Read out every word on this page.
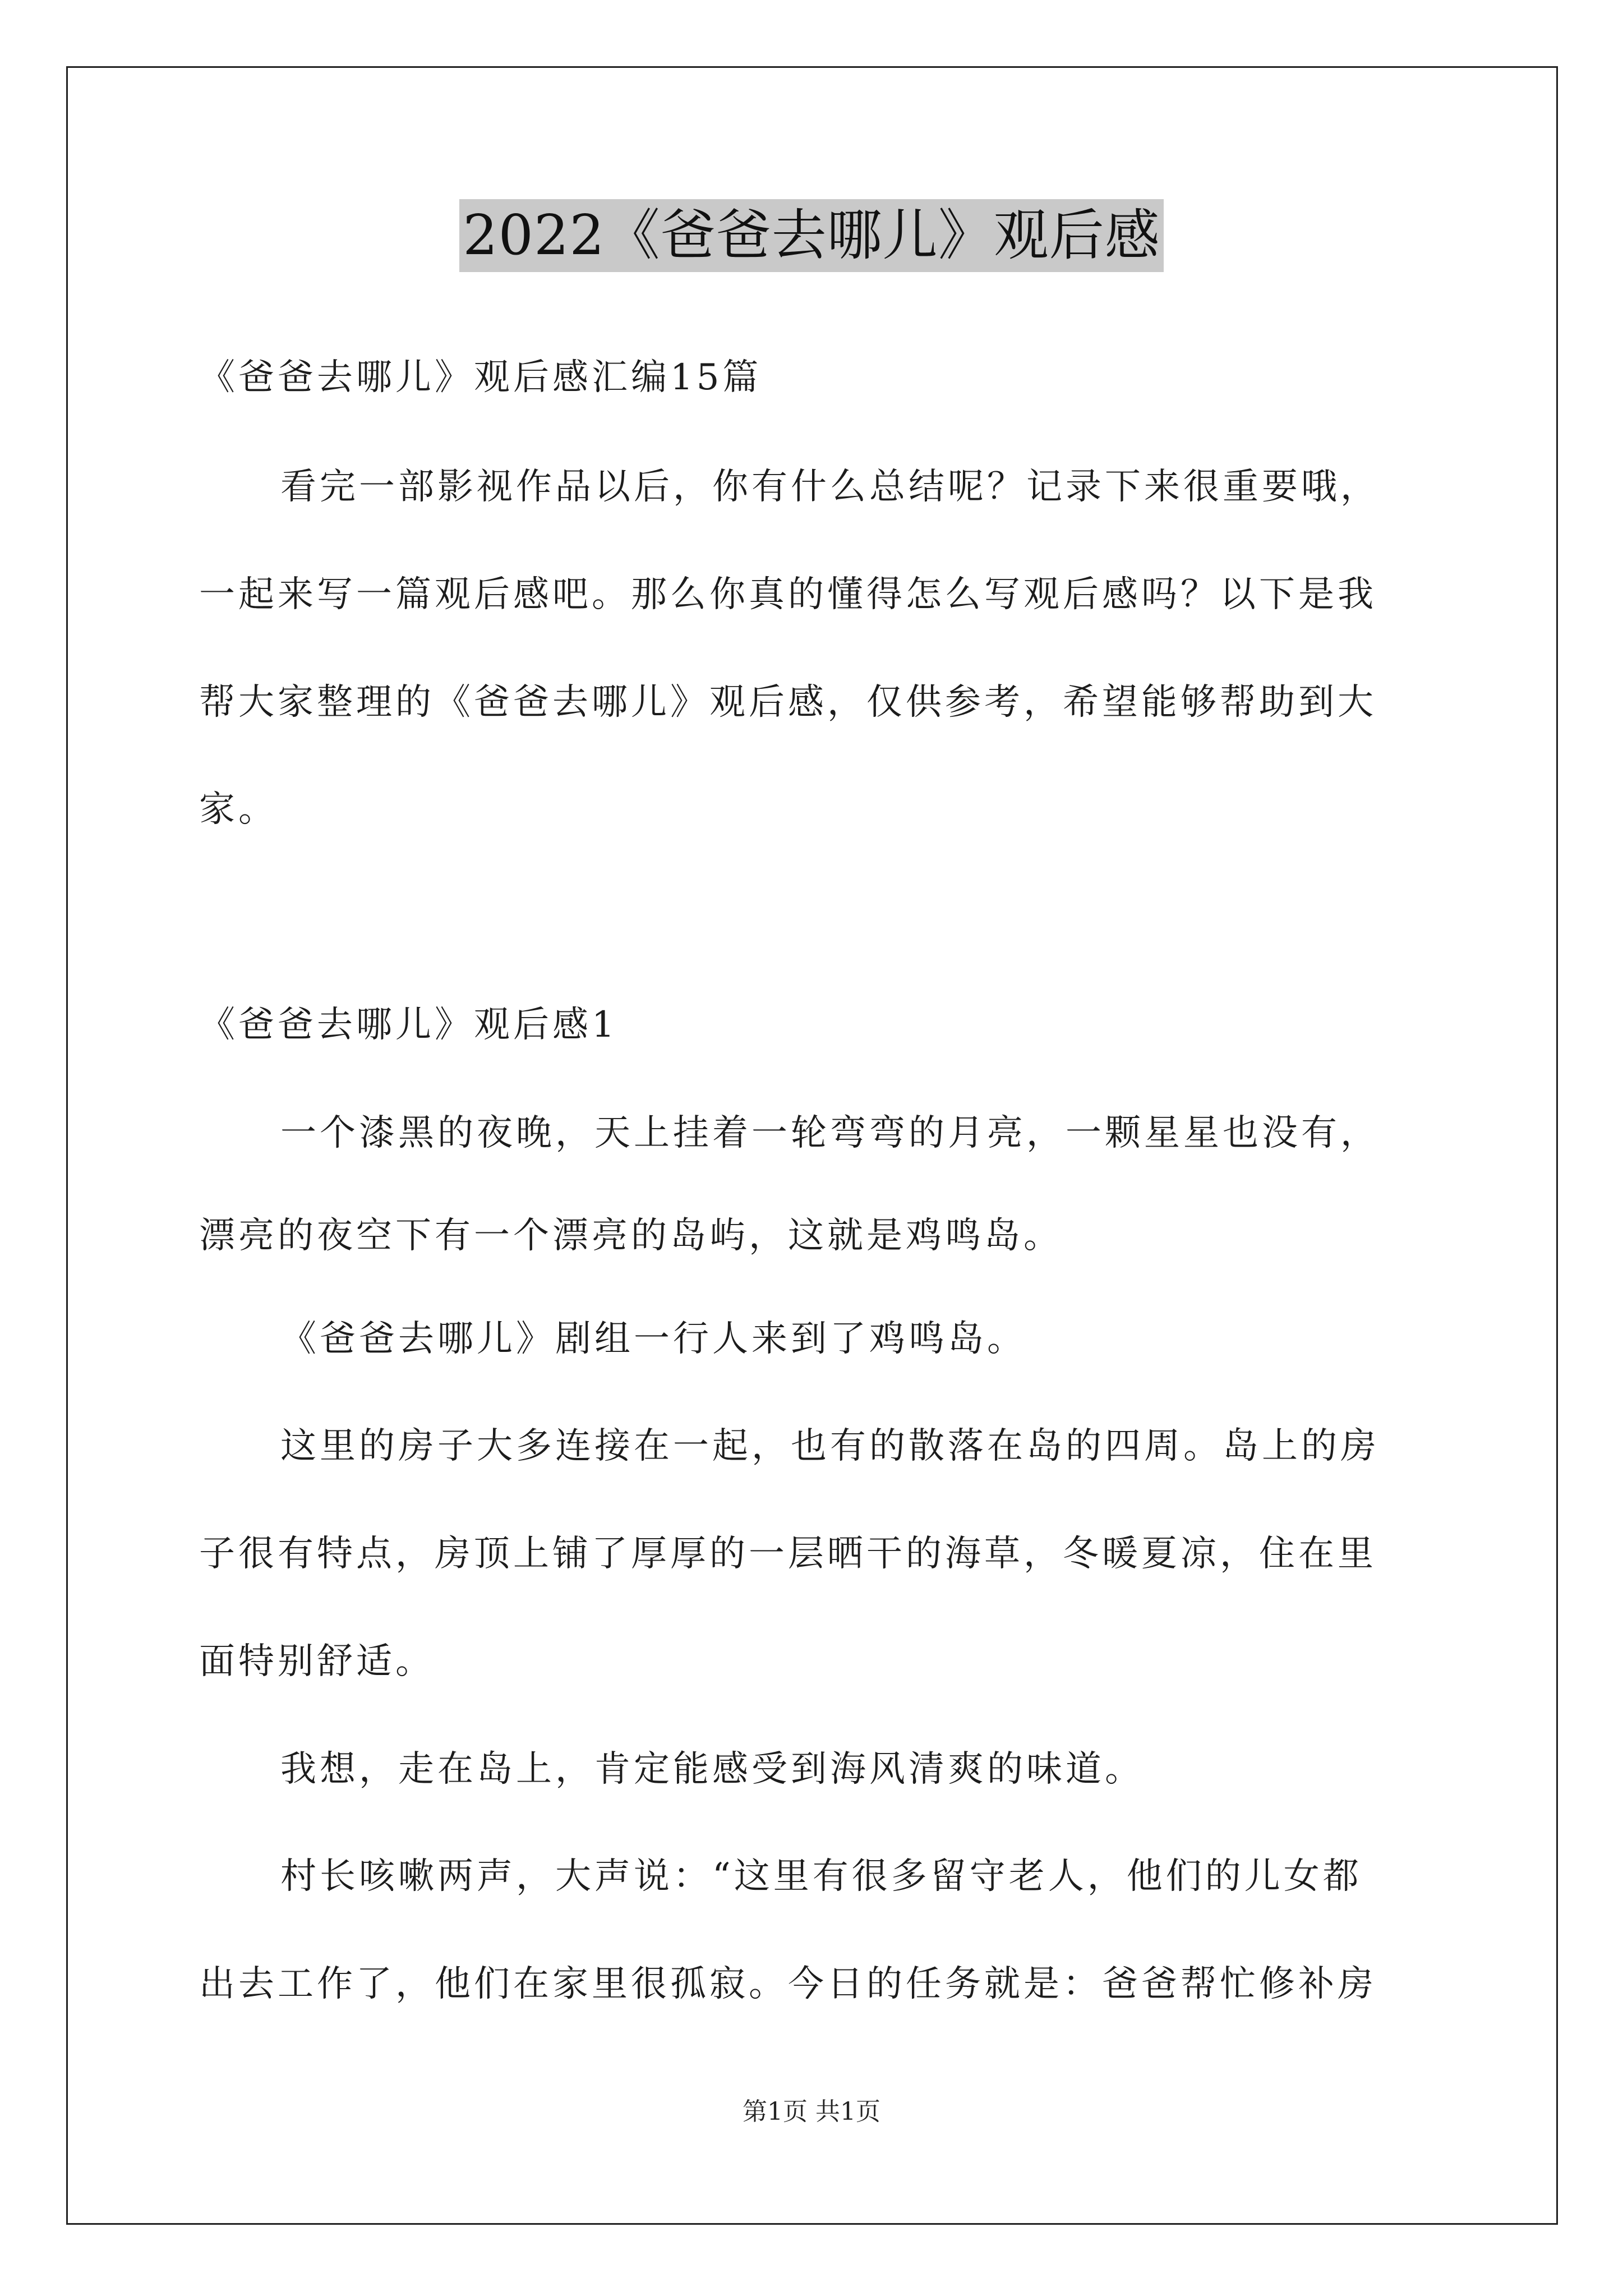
2022《爸爸去哪儿》观后感
《爸爸去哪儿》观后感汇编15篇
看完一部影视作品以后，你有什么总结呢？记录下来很重要哦，
一起来写一篇观后感吧。那么你真的懂得怎么写观后感吗？以下是我
帮大家整理的《爸爸去哪儿》观后感，仅供参考，希望能够帮助到大
家。
《爸爸去哪儿》观后感1
一个漆黑的夜晚，天上挂着一轮弯弯的月亮，一颗星星也没有，
漂亮的夜空下有一个漂亮的岛屿，这就是鸡鸣岛。
《爸爸去哪儿》剧组一行人来到了鸡鸣岛。
这里的房子大多连接在一起，也有的散落在岛的四周。岛上的房
子很有特点，房顶上铺了厚厚的一层晒干的海草，冬暖夏凉，住在里
面特别舒适。
我想，走在岛上，肯定能感受到海风清爽的味道。
村长咳嗽两声，大声说：“这里有很多留守老人，他们的儿女都
出去工作了，他们在家里很孤寂。今日的任务就是：爸爸帮忙修补房
第1页 共1页
